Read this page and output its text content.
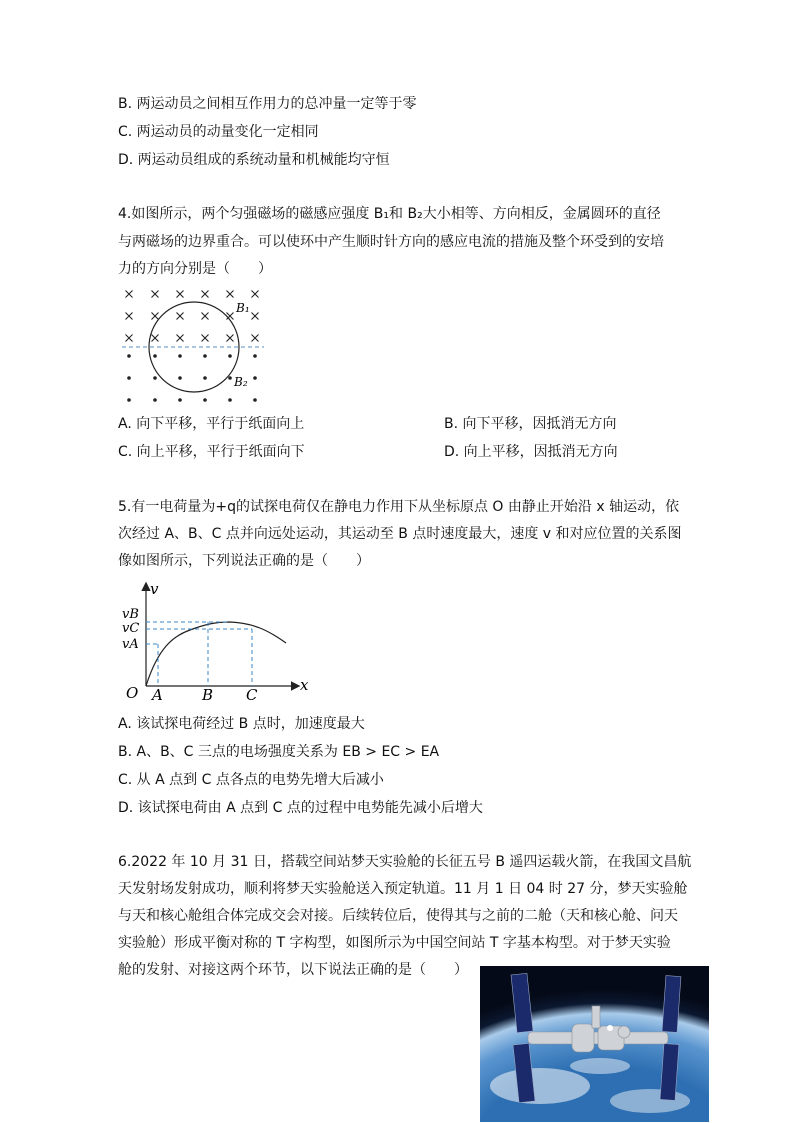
B. 两运动员之间相互作用力的总冲量一定等于零
C. 两运动员的动量变化一定相同
D. 两运动员组成的系统动量和机械能均守恒
4.如图所示，两个匀强磁场的磁感应强度 B₁和 B₂大小相等、方向相反，金属圆环的直径
与两磁场的边界重合。可以使环中产生顺时针方向的感应电流的措施及整个环受到的安培
力的方向分别是（　　）
B₁
B₂
A. 向下平移，平行于纸面向上	B. 向下平移，因抵消无方向
C. 向上平移，平行于纸面向下	D. 向上平移，因抵消无方向
5.有一电荷量为+q的试探电荷仅在静电力作用下从坐标原点 O 由静止开始沿 x 轴运动，依
次经过 A、B、C 点并向远处运动，其运动至 B 点时速度最大，速度 v 和对应位置的关系图
像如图所示，下列说法正确的是（　　）
v
x
O
vB
vC
vA
A	B C
A. 该试探电荷经过 B 点时，加速度最大
B. A、B、C 三点的电场强度关系为 EB > EC > EA
C. 从 A 点到 C 点各点的电势先增大后减小
D. 该试探电荷由 A 点到 C 点的过程中电势能先减小后增大
6.2022 年 10 月 31 日，搭载空间站梦天实验舱的长征五号 B 遥四运载火箭，在我国文昌航
天发射场发射成功，顺利将梦天实验舱送入预定轨道。11 月 1 日 04 时 27 分，梦天实验舱
与天和核心舱组合体完成交会对接。后续转位后，使得其与之前的二舱（天和核心舱、问天
实验舱）形成平衡对称的 T 字构型，如图所示为中国空间站 T 字基本构型。对于梦天实验
舱的发射、对接这两个环节，以下说法正确的是（　　）
